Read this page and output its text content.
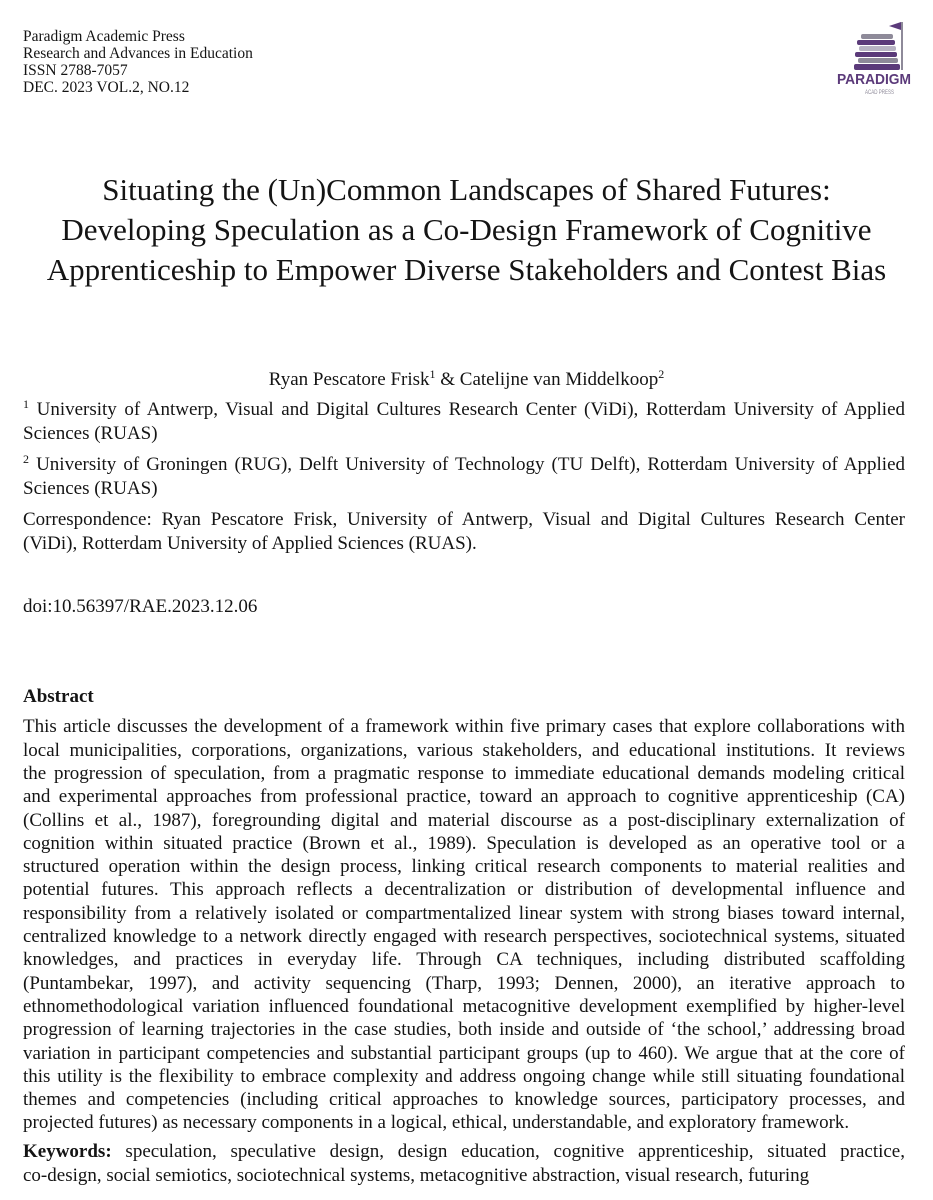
Paradigm Academic Press
Research and Advances in Education
ISSN 2788-7057
DEC. 2023 VOL.2, NO.12	PARADIGM
ACAD PRESS
Situating the (Un)Common Landscapes of Shared Futures:
Developing Speculation as a Co-Design Framework of Cognitive
Apprenticeship to Empower Diverse Stakeholders and Contest Bias
Ryan Pescatore Frisk$^1$ & Catelijne van Middelkoop$^2$
$^1$ University of Antwerp, Visual and Digital Cultures Research Center (ViDi), Rotterdam University of Applied
Sciences (RUAS)
$^2$ University of Groningen (RUG), Delft University of Technology (TU Delft), Rotterdam University of Applied
Sciences (RUAS)
Correspondence: Ryan Pescatore Frisk, University of Antwerp, Visual and Digital Cultures Research Center
(ViDi), Rotterdam University of Applied Sciences (RUAS).
doi:10.56397/RAE.2023.12.06
Abstract
This article discusses the development of a framework within five primary cases that explore collaborations with
local municipalities, corporations, organizations, various stakeholders, and educational institutions. It reviews
the progression of speculation, from a pragmatic response to immediate educational demands modeling critical
and experimental approaches from professional practice, toward an approach to cognitive apprenticeship (CA)
(Collins et al., 1987), foregrounding digital and material discourse as a post-disciplinary externalization of
cognition within situated practice (Brown et al., 1989). Speculation is developed as an operative tool or a
structured operation within the design process, linking critical research components to material realities and
potential futures. This approach reflects a decentralization or distribution of developmental influence and
responsibility from a relatively isolated or compartmentalized linear system with strong biases toward internal,
centralized knowledge to a network directly engaged with research perspectives, sociotechnical systems, situated
knowledges, and practices in everyday life. Through CA techniques, including distributed scaffolding
(Puntambekar, 1997), and activity sequencing (Tharp, 1993; Dennen, 2000), an iterative approach to
ethnomethodological variation influenced foundational metacognitive development exemplified by higher-level
progression of learning trajectories in the case studies, both inside and outside of ‘the school,’ addressing broad
variation in participant competencies and substantial participant groups (up to 460). We argue that at the core of
this utility is the flexibility to embrace complexity and address ongoing change while still situating foundational
themes and competencies (including critical approaches to knowledge sources, participatory processes, and
projected futures) as necessary components in a logical, ethical, understandable, and exploratory framework.
Keywords: speculation, speculative design, design education, cognitive apprenticeship, situated practice,
co-design, social semiotics, sociotechnical systems, metacognitive abstraction, visual research, futuring
